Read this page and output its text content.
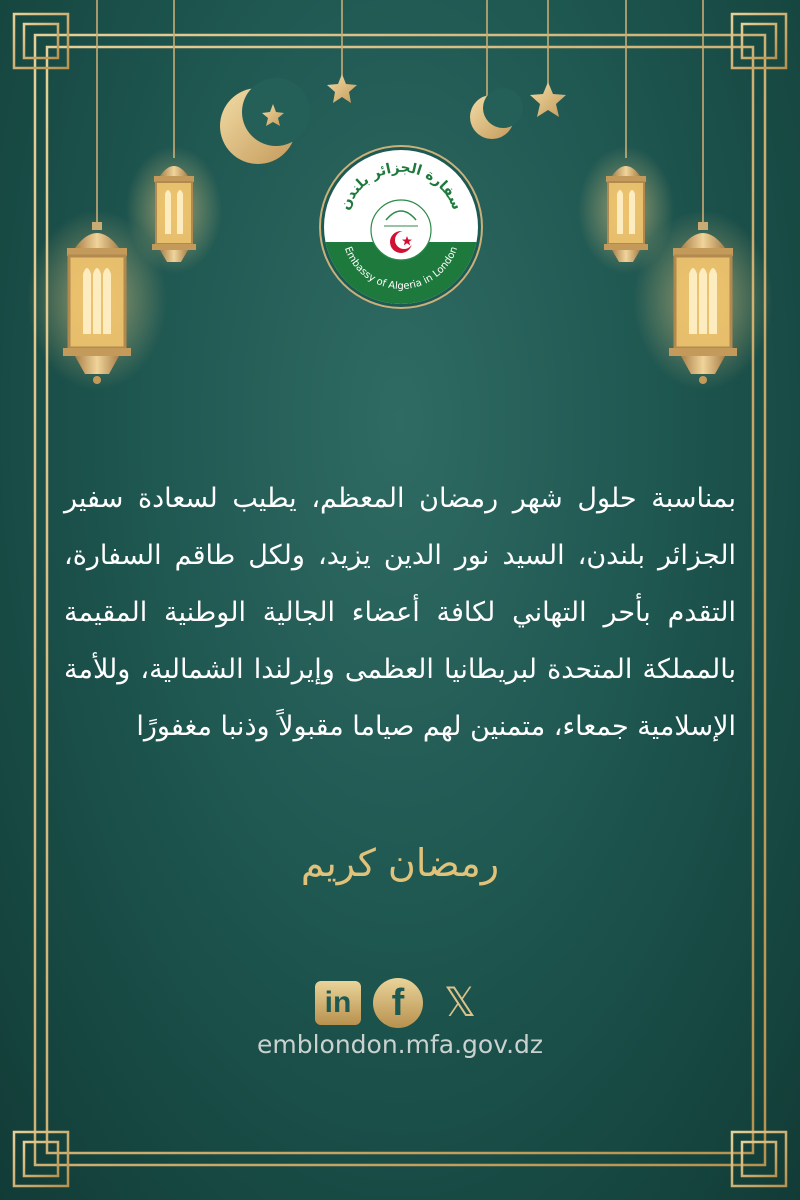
سفارة الجزائر بلندن
Embassy of Algeria in London

بمناسبة حلول شهر رمضان المعظم، يطيب لسعادة سفير الجزائر بلندن، السيد نور الدين يزيد، ولكل طاقم السفارة، التقدم بأحر التهاني لكافة أعضاء الجالية الوطنية المقيمة بالمملكة المتحدة لبريطانيا العظمى وإيرلندا الشمالية، وللأمة الإسلامية جمعاء، متمنين لهم صياما مقبولاً وذنبا مغفورًا

رمضان كريم

in f 𝕏

emblondon.mfa.gov.dz
